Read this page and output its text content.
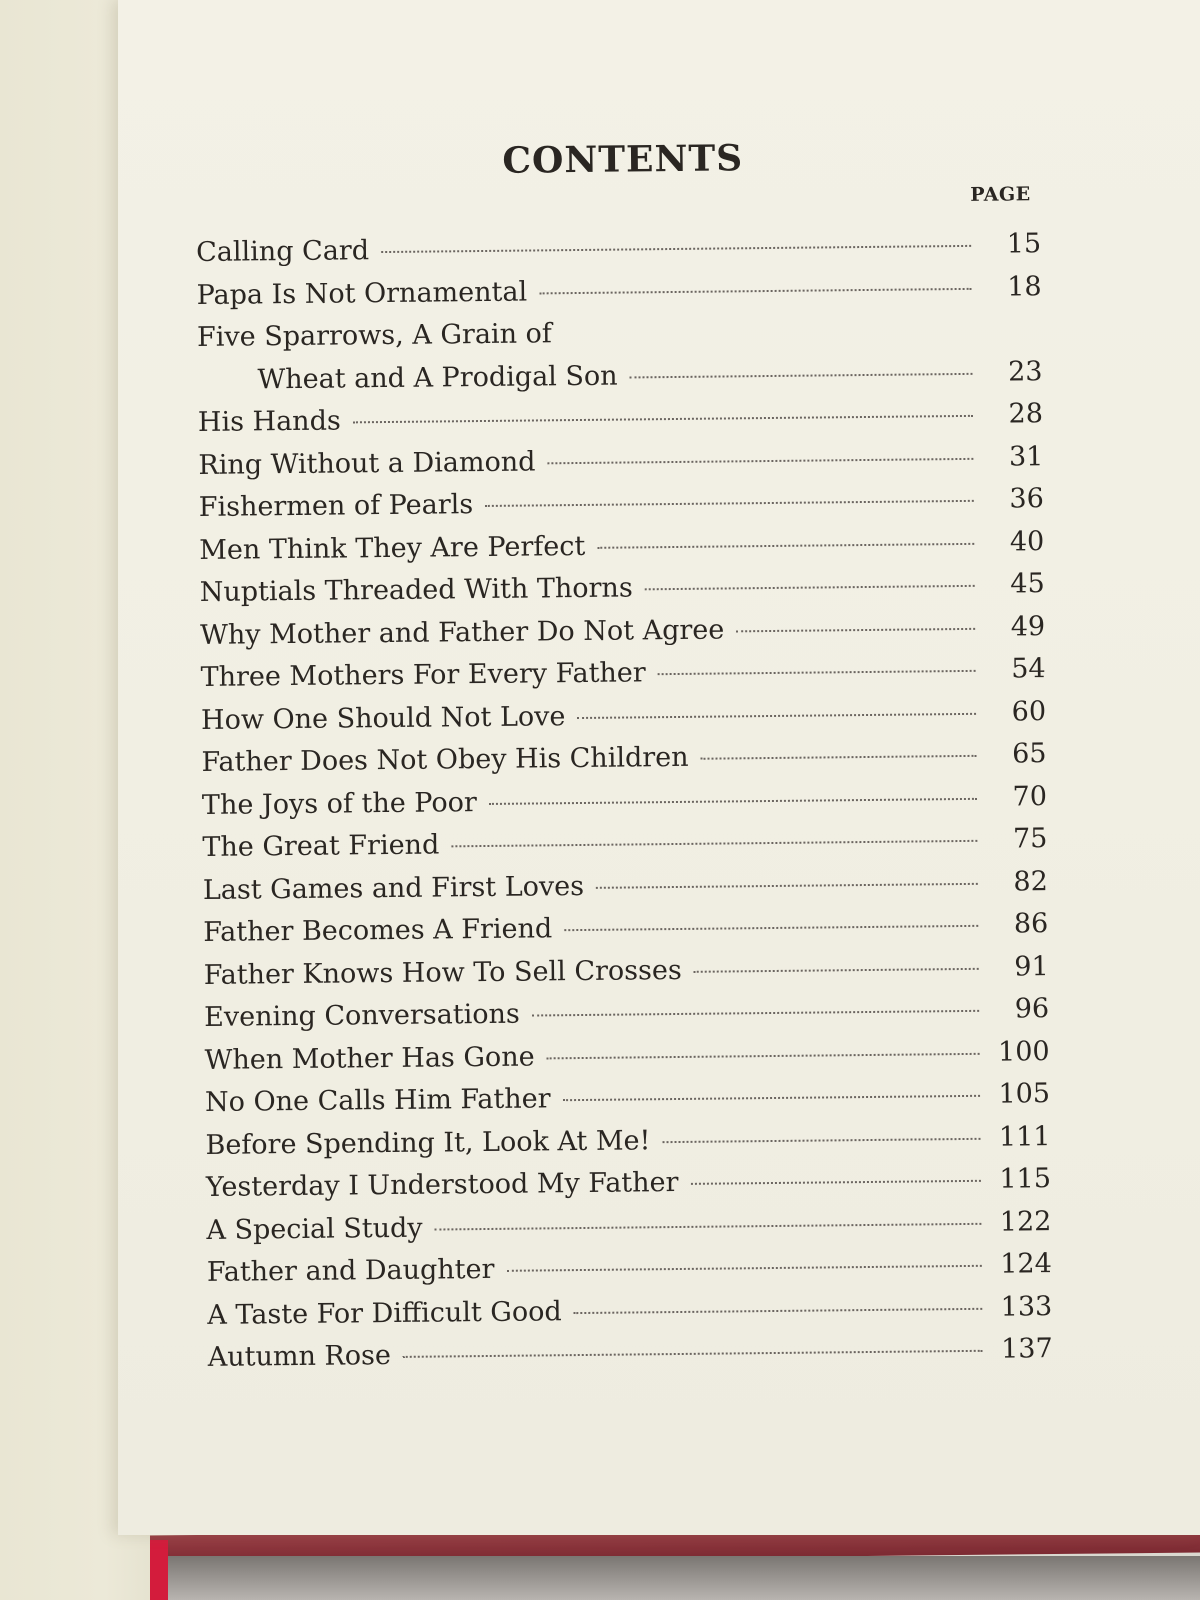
CONTENTS
PAGE
Calling Card	15
Papa Is Not Ornamental	18
Five Sparrows, A Grain of
Wheat and A Prodigal Son	23
His Hands	28
Ring Without a Diamond	31
Fishermen of Pearls	36
Men Think They Are Perfect	40
Nuptials Threaded With Thorns	45
Why Mother and Father Do Not Agree	49
Three Mothers For Every Father	54
How One Should Not Love	60
Father Does Not Obey His Children	65
The Joys of the Poor	70
The Great Friend	75
Last Games and First Loves	82
Father Becomes A Friend	86
Father Knows How To Sell Crosses	91
Evening Conversations	96
When Mother Has Gone	100
No One Calls Him Father	105
Before Spending It, Look At Me!	111
Yesterday I Understood My Father	115
A Special Study	122
Father and Daughter	124
A Taste For Difficult Good	133
Autumn Rose	137
